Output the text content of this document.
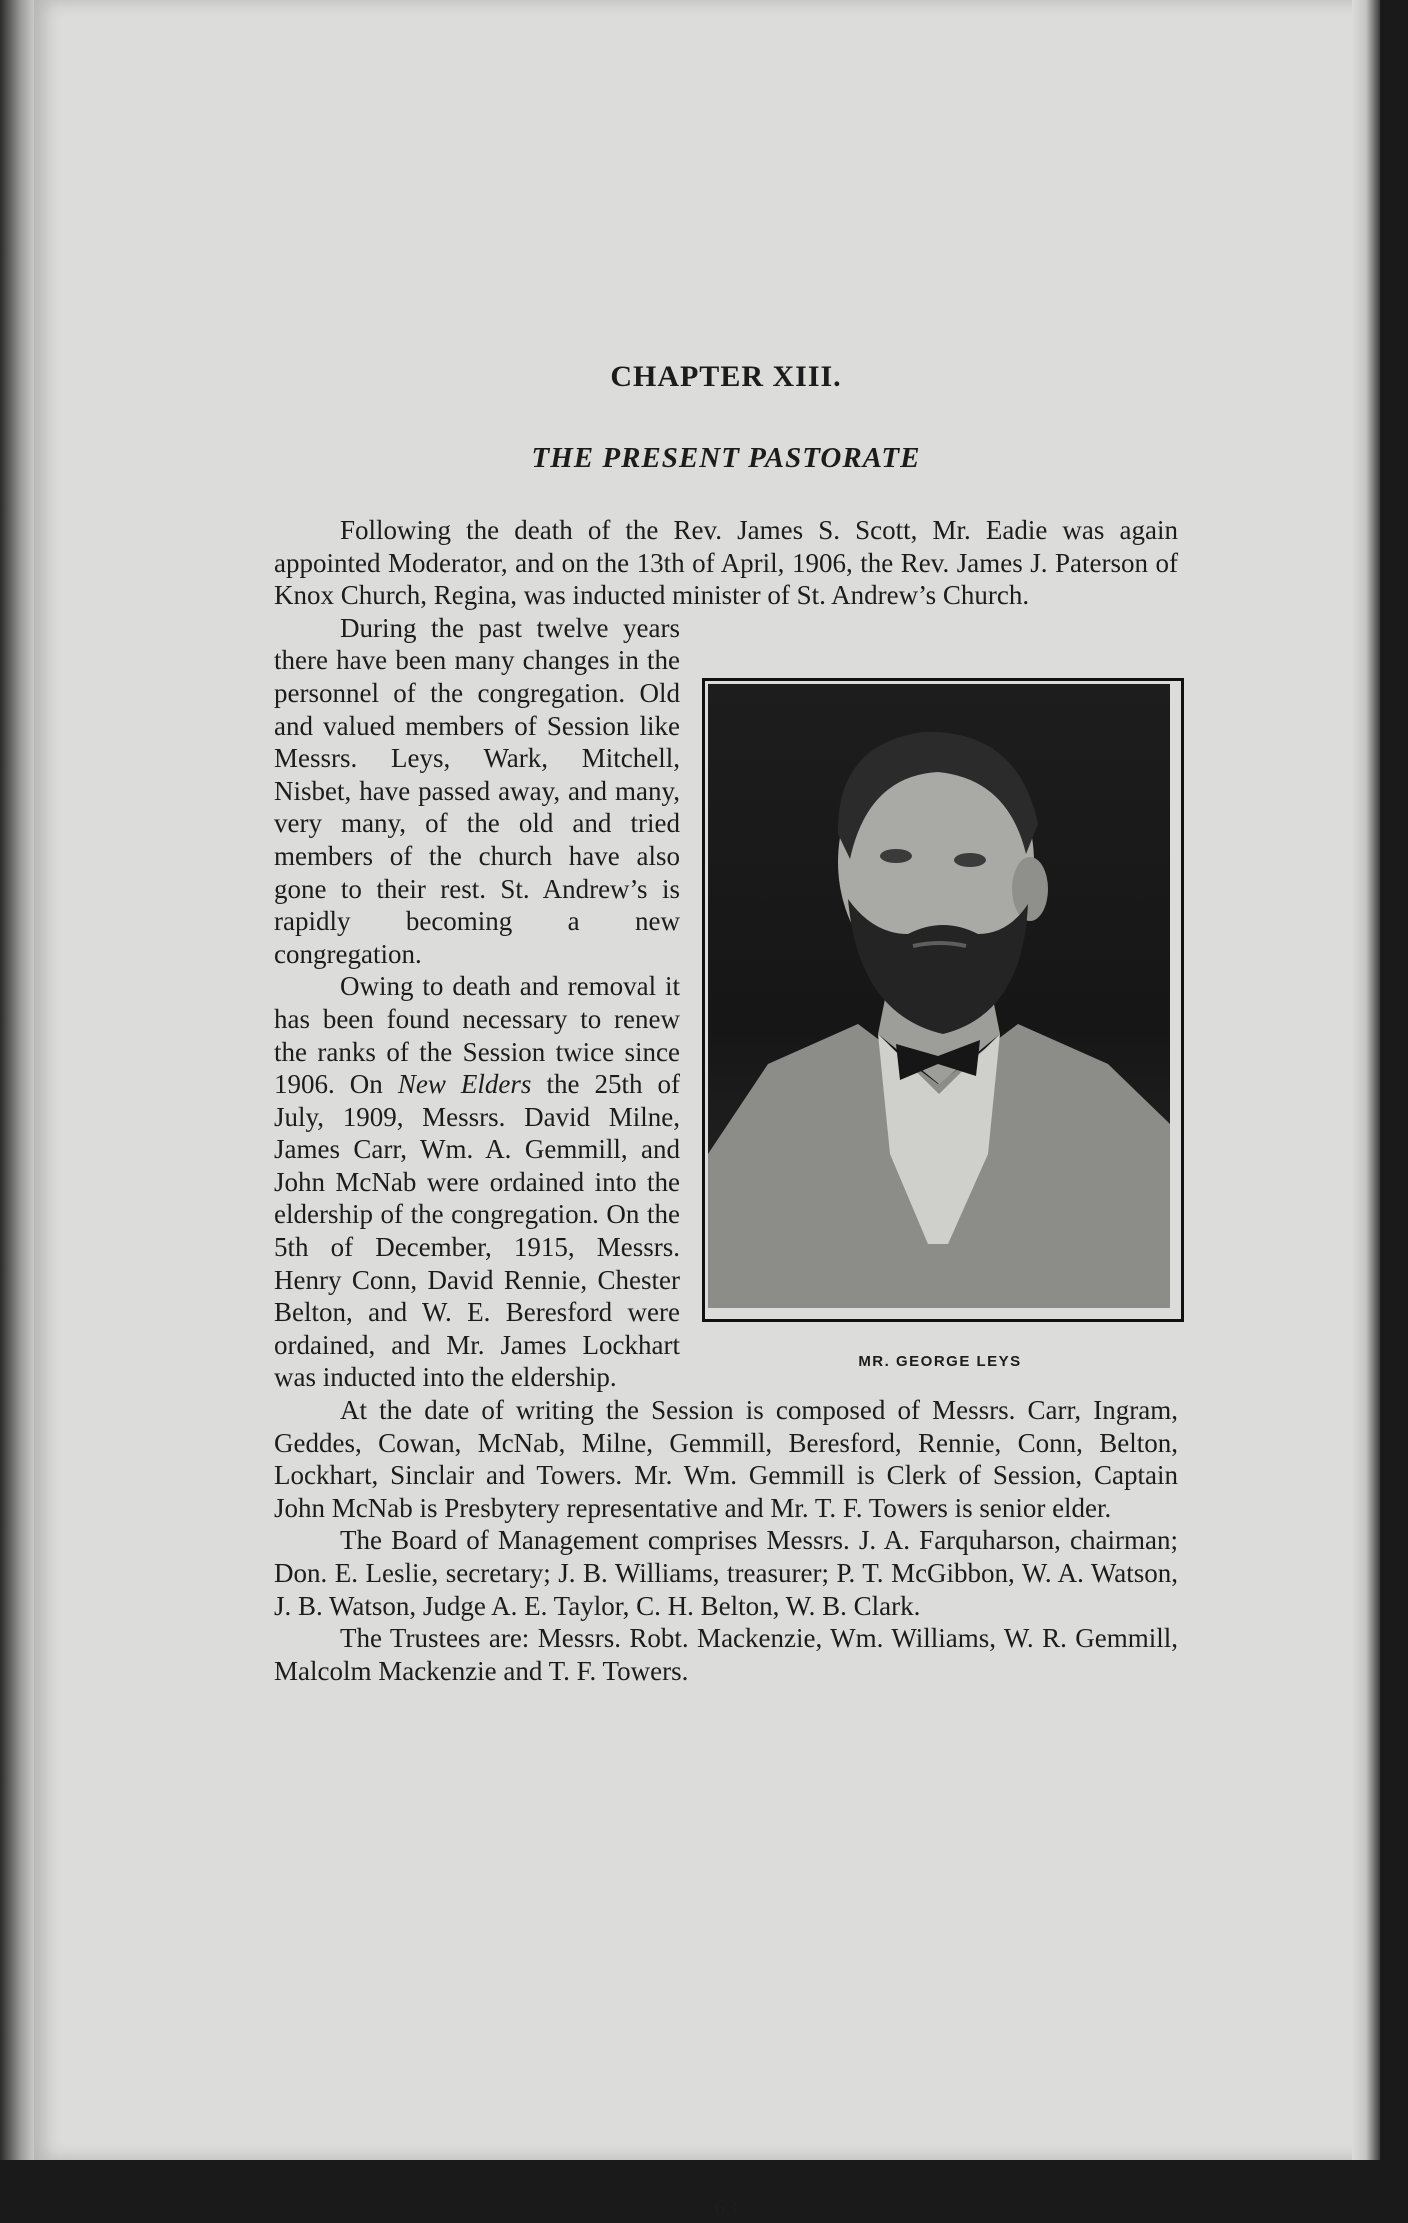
CHAPTER XIII.
THE PRESENT PASTORATE

Following the death of the Rev. James S. Scott, Mr. Eadie was again appointed Moderator, and on the 13th of April, 1906, the Rev. James J. Paterson of Knox Church, Regina, was inducted minister of St. Andrew’s Church.

MR. GEORGE LEYS

During the past twelve years there have been many changes in the personnel of the congregation. Old and valued members of Session like Messrs. Leys, Wark, Mitchell, Nisbet, have passed away, and many, very many, of the old and tried members of the church have also gone to their rest. St. Andrew’s is rapidly becoming a new congregation.

Owing to death and removal it has been found necessary to renew the ranks of the Session twice since 1906. On New Elders the 25th of July, 1909, Messrs. David Milne, James Carr, Wm. A. Gemmill, and John McNab were ordained into the eldership of the congregation. On the 5th of December, 1915, Messrs. Henry Conn, David Rennie, Chester Belton, and W. E. Beresford were ordained, and Mr. James Lockhart was inducted into the eldership.

At the date of writing the Session is composed of Messrs. Carr, Ingram, Geddes, Cowan, McNab, Milne, Gemmill, Beresford, Rennie, Conn, Belton, Lockhart, Sinclair and Towers. Mr. Wm. Gemmill is Clerk of Session, Captain John McNab is Presbytery representative and Mr. T. F. Towers is senior elder.

The Board of Management comprises Messrs. J. A. Farquharson, chairman; Don. E. Leslie, secretary; J. B. Williams, treasurer; P. T. McGibbon, W. A. Watson, J. B. Watson, Judge A. E. Taylor, C. H. Belton, W. B. Clark.

The Trustees are: Messrs. Robt. Mackenzie, Wm. Williams, W. R. Gemmill, Malcolm Mackenzie and T. F. Towers.

63
